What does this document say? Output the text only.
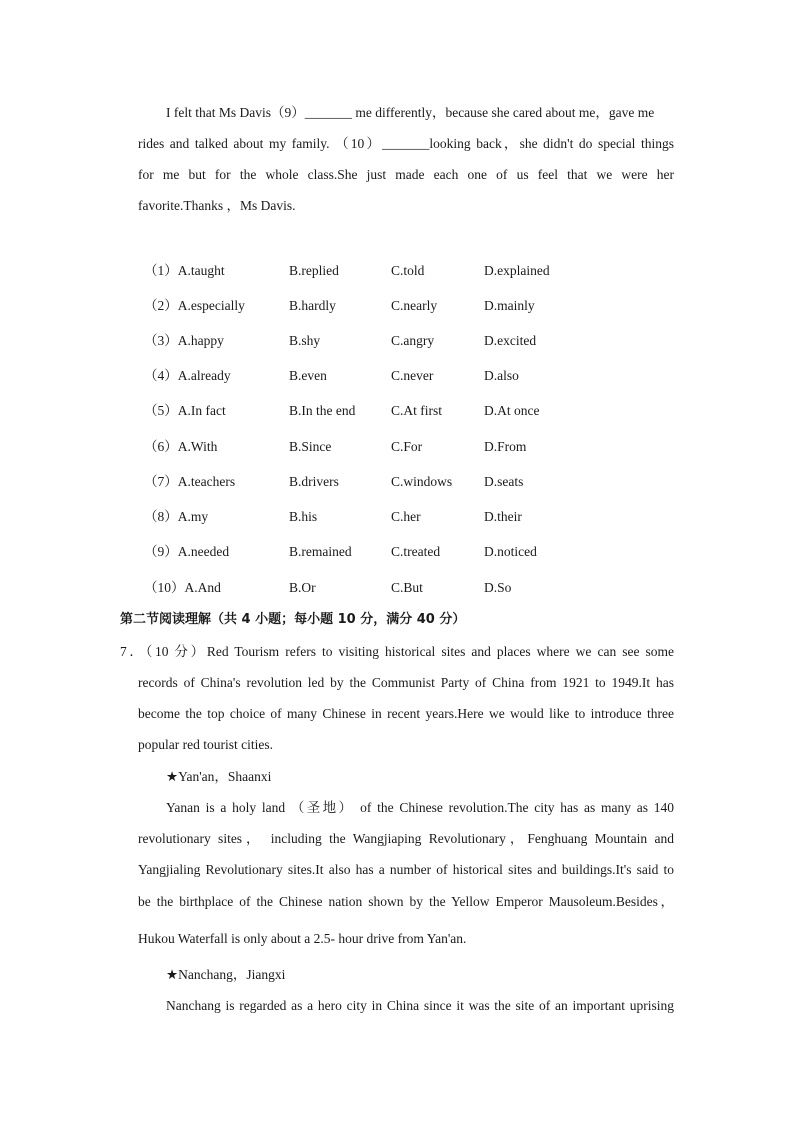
I felt that Ms Davis（9）_______ me differently，because she cared about me，gave me
rides and talked about my family. （10）_______looking back，she didn't do special things
for me but for the whole class.She just made each one of us feel that we were her
favorite.Thanks ，Ms Davis.
（1）A.taught	B.replied	C.told	D.explained
（2）A.especially	B.hardly	C.nearly	D.mainly
（3）A.happy	B.shy	C.angry	D.excited
（4）A.already	B.even	C.never	D.also
（5）A.In fact	B.In the end	C.At first	D.At once
（6）A.With	B.Since	C.For	D.From
（7）A.teachers	B.drivers	C.windows D.seats
（8）A.my	B.his	C.her	D.their
（9）A.needed	B.remained	C.treated	D.noticed
（10）A.And	B.Or	C.But	D.So
第二节阅读理解（共 4 小题；每小题 10 分，满分 40 分）
7．（10 分）Red Tourism refers to visiting historical sites and places where we can see some
records of China's revolution led by the Communist Party of China from 1921 to 1949.It has
become the top choice of many Chinese in recent years.Here we would like to introduce three
popular red tourist cities.
★Yan'an，Shaanxi
Yanan is a holy land （圣地） of the Chinese revolution.The city has as many as 140
revolutionary sites， including the Wangjiaping Revolutionary，Fenghuang Mountain and
Yangjialing Revolutionary sites.It also has a number of historical sites and buildings.It's said to
be the birthplace of the Chinese nation shown by the Yellow Emperor Mausoleum.Besides，
Hukou Waterfall is only about a 2.5- hour drive from Yan'an.
★Nanchang，Jiangxi
Nanchang is regarded as a hero city in China since it was the site of an important uprising
